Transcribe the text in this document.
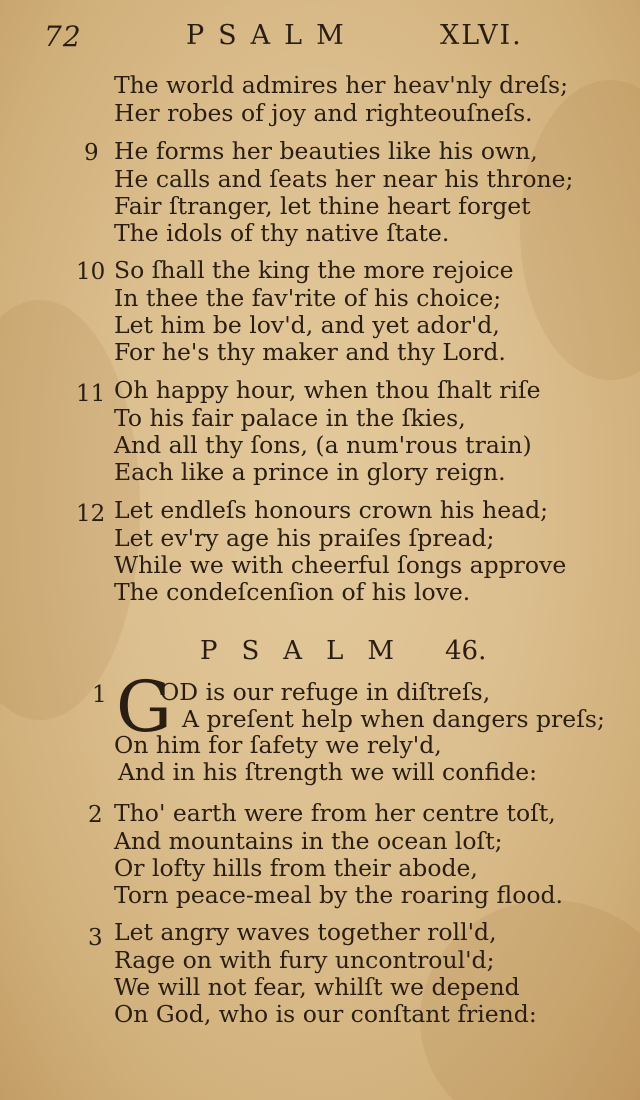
72	PSALM	XLVI.
The world admires her heav'nly dreſs;
Her robes of joy and righteouſneſs.
9 He forms her beauties like his own,
He calls and ſeats her near his throne;
Fair ſtranger, let thine heart forget
The idols of thy native ſtate.
10 So ſhall the king the more rejoice
In thee the fav'rite of his choice;
Let him be lov'd, and yet ador'd,
For he's thy maker and thy Lord.
11 Oh happy hour, when thou ſhalt riſe
To his fair palace in the ſkies,
And all thy ſons, (a num'rous train)
Each like a prince in glory reign.
12 Let endleſs honours crown his head;
Let ev'ry age his praiſes ſpread;
While we with cheerful ſongs approve
The condeſcenſion of his love.
PSALM 46.
1 G
OD is our refuge in diſtreſs,
A preſent help when dangers preſs;
On him for ſafety we rely'd,
And in his ſtrength we will confide:
2 Tho' earth were from her centre toſt,
And mountains in the ocean loſt;
Or lofty hills from their abode,
Torn peace-meal by the roaring flood.
3 Let angry waves together roll'd,
Rage on with fury uncontroul'd;
We will not fear, whilſt we depend
On God, who is our conſtant friend:
